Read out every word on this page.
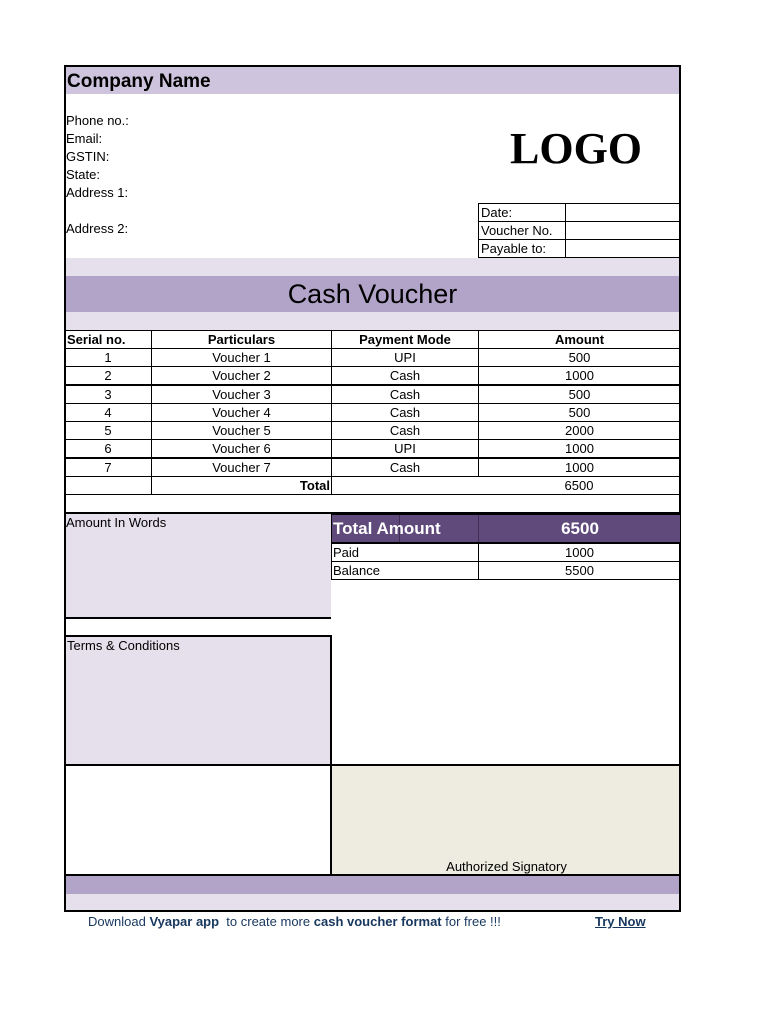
Company Name
Phone no.:
Email:
GSTIN:
State:
Address 1:
Address 2:
LOGO
Date:
Voucher No.
Payable to:
Cash Voucher
Serial no.	Particulars	Payment Mode	Amount
1	Voucher 1	UPI	500
2	Voucher 2	Cash	1000
3	Voucher 3	Cash	500
4	Voucher 4	Cash	500
5	Voucher 5	Cash	2000
6	Voucher 6	UPI	1000
7	Voucher 7	Cash	1000
Total	6500
Amount In Words	Total Amount	6500
Paid	1000
Balance	5500
Terms & Conditions
Authorized Signatory
Download Vyapar app to create more cash voucher format for free !!!	Try Now
